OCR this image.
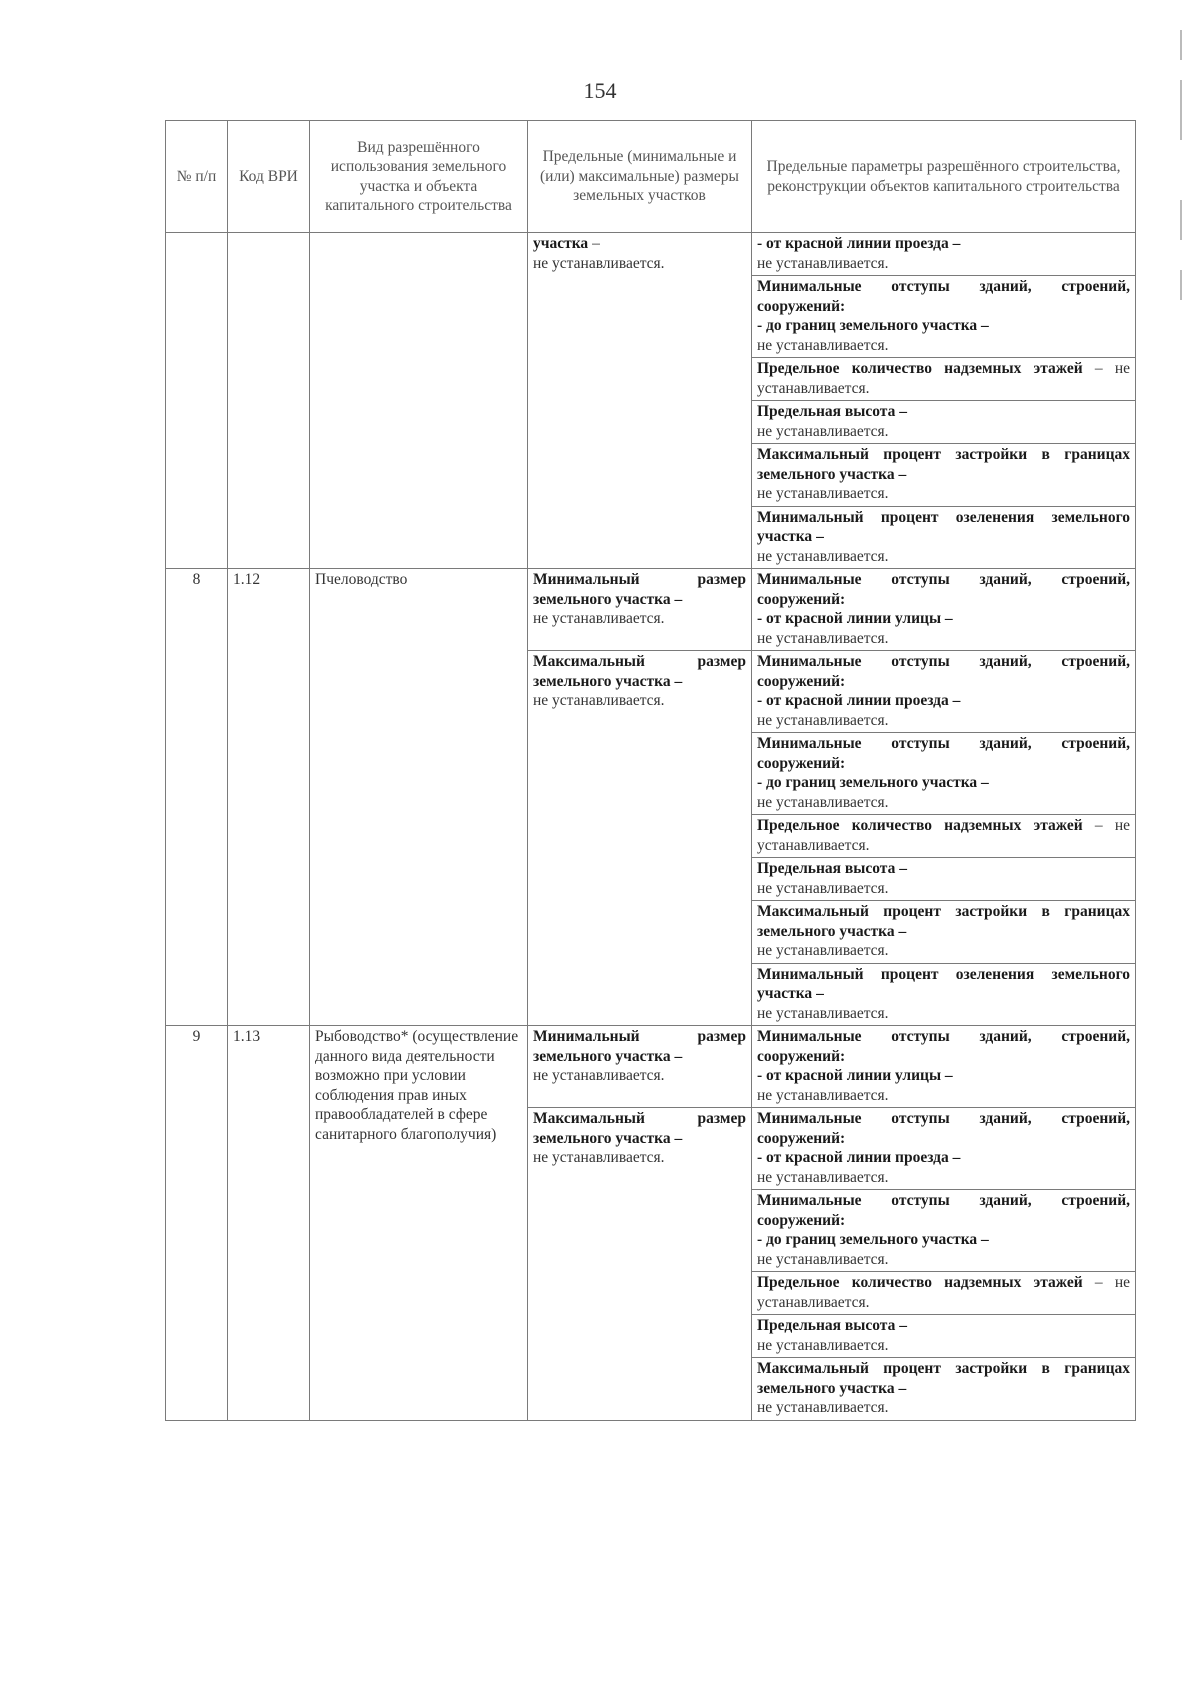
154
№ п/п	Код ВРИ	Вид разрешённого использования земельного участка и объекта капитального строительства	Предельные (минимальные и (или) максимальные) размеры земельных участков	Предельные параметры разрешённого строительства, реконструкции объектов капитального строительства
			участка –
не устанавливается.	- от красной линии проезда –
не устанавливается.
				Минимальные отступы зданий, строений, сооружений:
- до границ земельного участка –
не устанавливается.
				Предельное количество надземных этажей – не устанавливается.
				Предельная высота –
не устанавливается.
				Максимальный процент застройки в границах земельного участка –
не устанавливается.
				Минимальный процент озеленения земельного участка –
не устанавливается.
8	1.12	Пчеловодство	Минимальный размер земельного участка –
не устанавливается.	Минимальные отступы зданий, строений, сооружений:
- от красной линии улицы –
не устанавливается.
			Максимальный размер земельного участка –
не устанавливается.	Минимальные отступы зданий, строений, сооружений:
- от красной линии проезда –
не устанавливается.
				Минимальные отступы зданий, строений, сооружений:
- до границ земельного участка –
не устанавливается.
				Предельное количество надземных этажей – не устанавливается.
				Предельная высота –
не устанавливается.
				Максимальный процент застройки в границах земельного участка –
не устанавливается.
				Минимальный процент озеленения земельного участка –
не устанавливается.
9	1.13	Рыбоводство* (осуществление данного вида деятельности возможно при условии соблюдения прав иных правообладателей в сфере санитарного благополучия)	Минимальный размер земельного участка –
не устанавливается.	Минимальные отступы зданий, строений, сооружений:
- от красной линии улицы –
не устанавливается.
			Максимальный размер земельного участка –
не устанавливается.	Минимальные отступы зданий, строений, сооружений:
- от красной линии проезда –
не устанавливается.
				Минимальные отступы зданий, строений, сооружений:
- до границ земельного участка –
не устанавливается.
				Предельное количество надземных этажей – не устанавливается.
				Предельная высота –
не устанавливается.
				Максимальный процент застройки в границах земельного участка –
не устанавливается.
